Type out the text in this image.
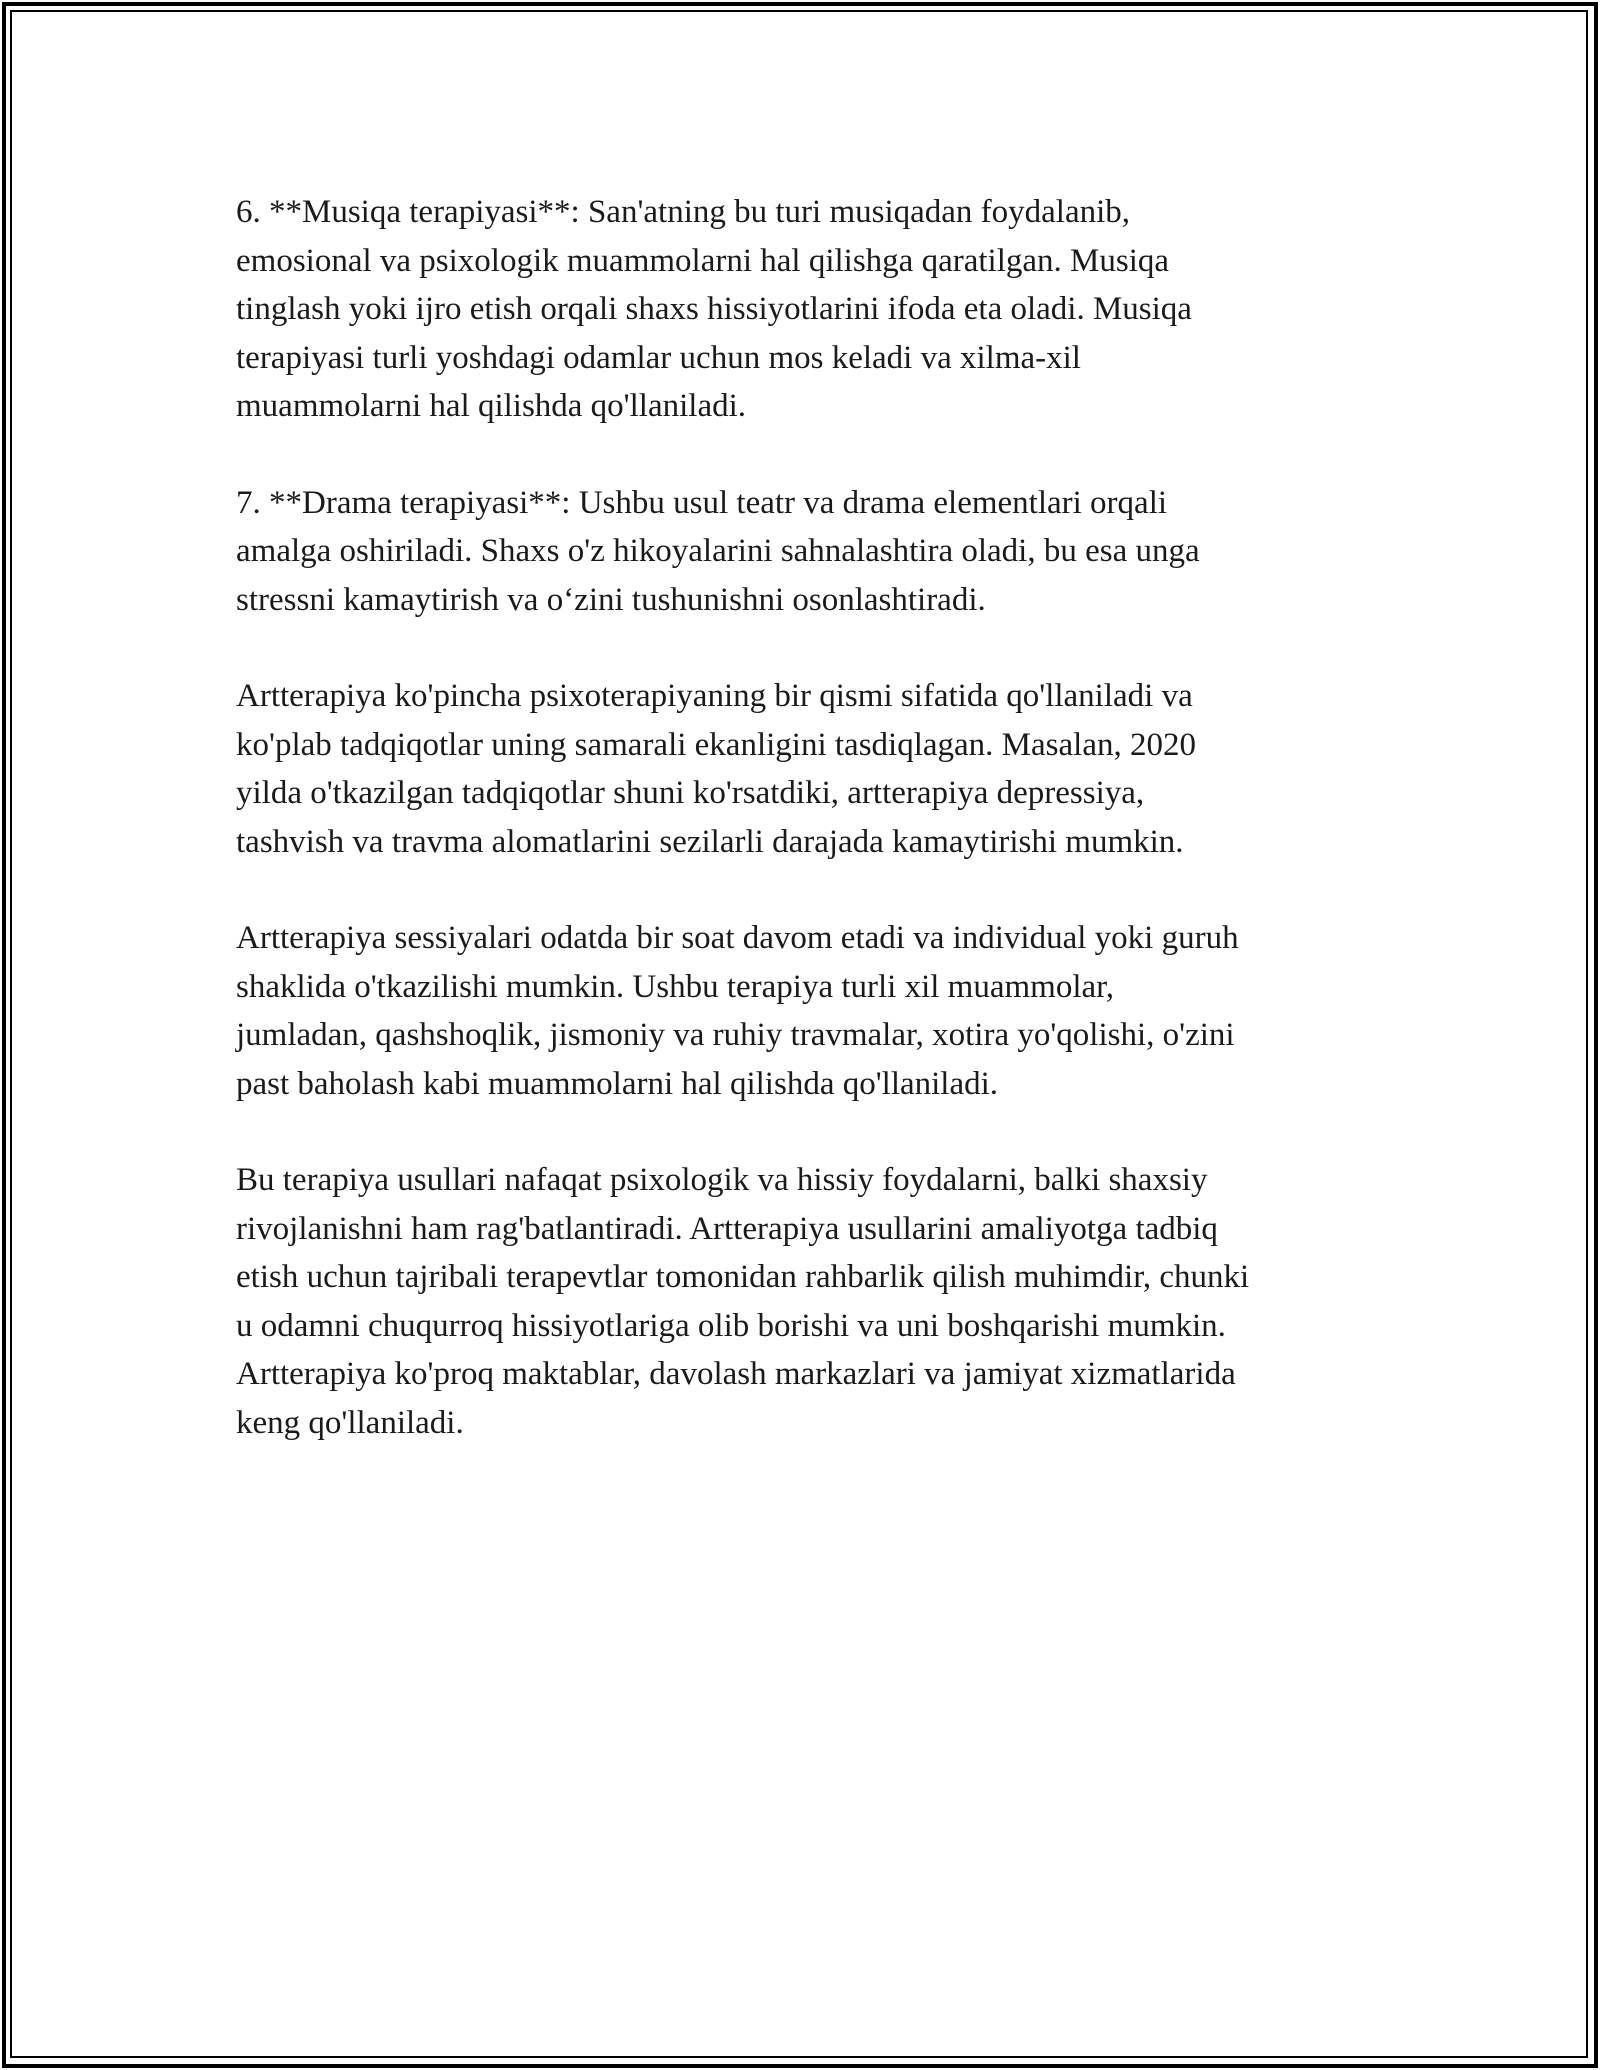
6. **Musiqa terapiyasi**: San'atning bu turi musiqadan foydalanib,
emosional va psixologik muammolarni hal qilishga qaratilgan. Musiqa
tinglash yoki ijro etish orqali shaxs hissiyotlarini ifoda eta oladi. Musiqa
terapiyasi turli yoshdagi odamlar uchun mos keladi va xilma-xil
muammolarni hal qilishda qo'llaniladi.

7. **Drama terapiyasi**: Ushbu usul teatr va drama elementlari orqali
amalga oshiriladi. Shaxs o'z hikoyalarini sahnalashtira oladi, bu esa unga
stressni kamaytirish va o‘zini tushunishni osonlashtiradi.

Artterapiya ko'pincha psixoterapiyaning bir qismi sifatida qo'llaniladi va
ko'plab tadqiqotlar uning samarali ekanligini tasdiqlagan. Masalan, 2020
yilda o'tkazilgan tadqiqotlar shuni ko'rsatdiki, artterapiya depressiya,
tashvish va travma alomatlarini sezilarli darajada kamaytirishi mumkin.

Artterapiya sessiyalari odatda bir soat davom etadi va individual yoki guruh
shaklida o'tkazilishi mumkin. Ushbu terapiya turli xil muammolar,
jumladan, qashshoqlik, jismoniy va ruhiy travmalar, xotira yo'qolishi, o'zini
past baholash kabi muammolarni hal qilishda qo'llaniladi.

Bu terapiya usullari nafaqat psixologik va hissiy foydalarni, balki shaxsiy
rivojlanishni ham rag'batlantiradi. Artterapiya usullarini amaliyotga tadbiq
etish uchun tajribali terapevtlar tomonidan rahbarlik qilish muhimdir, chunki
u odamni chuqurroq hissiyotlariga olib borishi va uni boshqarishi mumkin.
Artterapiya ko'proq maktablar, davolash markazlari va jamiyat xizmatlarida
keng qo'llaniladi.
